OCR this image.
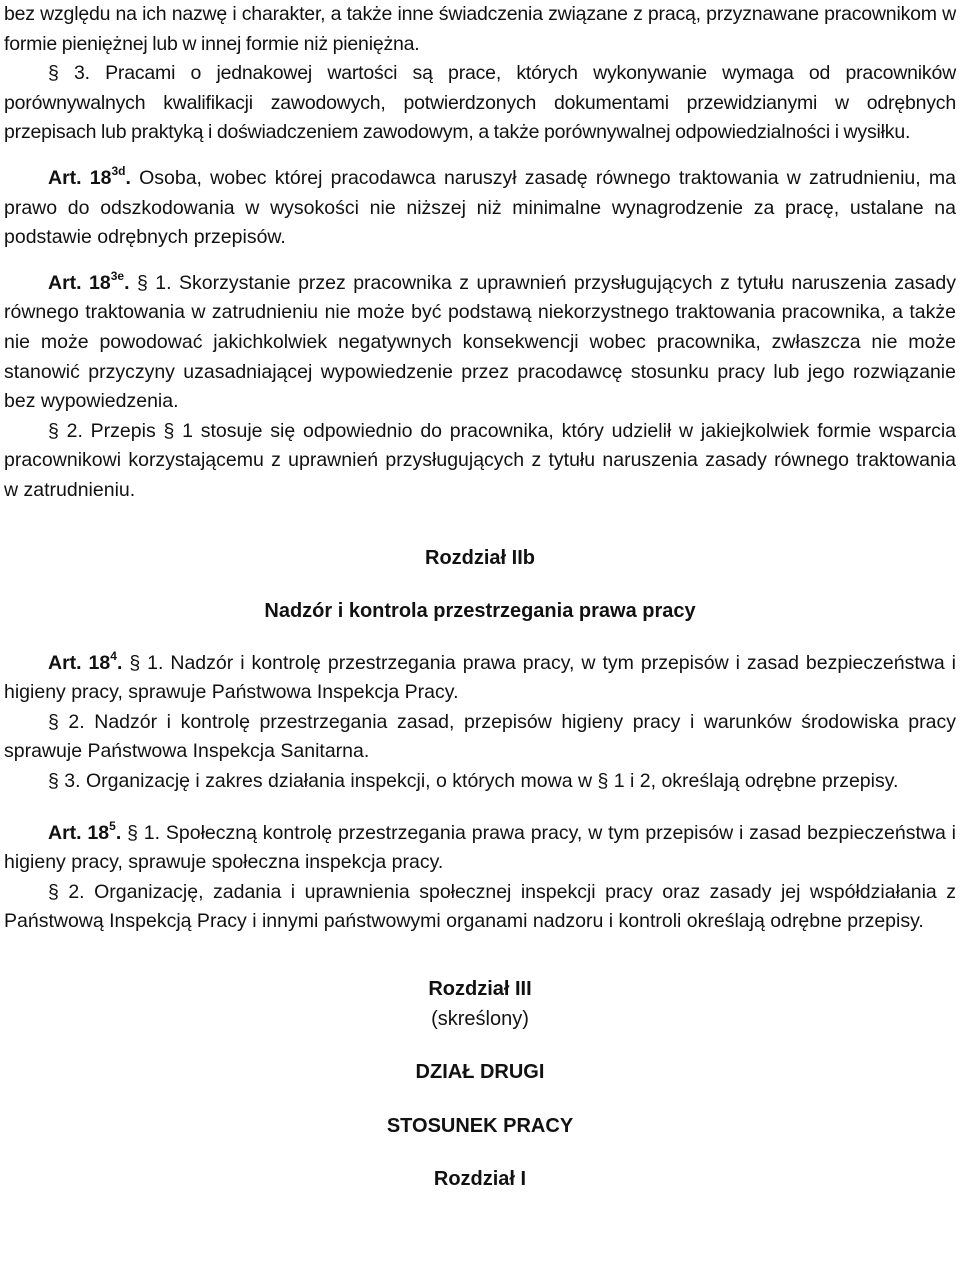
bez względu na ich nazwę i charakter, a także inne świadczenia związane z pracą, przyznawane pracownikom w formie pieniężnej lub w innej formie niż pieniężna.

§ 3. Pracami o jednakowej wartości są prace, których wykonywanie wymaga od pracowników porównywalnych kwalifikacji zawodowych, potwierdzonych dokumentami przewidzianymi w odrębnych przepisach lub praktyką i doświadczeniem zawodowym, a także porównywalnej odpowiedzialności i wysiłku.

Art. $18^{3d}$. Osoba, wobec której pracodawca naruszył zasadę równego traktowania w zatrudnieniu, ma prawo do odszkodowania w wysokości nie niższej niż minimalne wynagrodzenie za pracę, ustalane na podstawie odrębnych przepisów.

Art. $18^{3e}$. § 1. Skorzystanie przez pracownika z uprawnień przysługujących z tytułu naruszenia zasady równego traktowania w zatrudnieniu nie może być podstawą niekorzystnego traktowania pracownika, a także nie może powodować jakichkolwiek negatywnych konsekwencji wobec pracownika, zwłaszcza nie może stanowić przyczyny uzasadniającej wypowiedzenie przez pracodawcę stosunku pracy lub jego rozwiązanie bez wypowiedzenia.

§ 2. Przepis § 1 stosuje się odpowiednio do pracownika, który udzielił w jakiejkolwiek formie wsparcia pracownikowi korzystającemu z uprawnień przysługujących z tytułu naruszenia zasady równego traktowania w zatrudnieniu.

Rozdział IIb

Nadzór i kontrola przestrzegania prawa pracy

Art. $18^4$. § 1. Nadzór i kontrolę przestrzegania prawa pracy, w tym przepisów i zasad bezpieczeństwa i higieny pracy, sprawuje Państwowa Inspekcja Pracy.

§ 2. Nadzór i kontrolę przestrzegania zasad, przepisów higieny pracy i warunków środowiska pracy sprawuje Państwowa Inspekcja Sanitarna.

§ 3. Organizację i zakres działania inspekcji, o których mowa w § 1 i 2, określają odrębne przepisy.

Art. $18^5$. § 1. Społeczną kontrolę przestrzegania prawa pracy, w tym przepisów i zasad bezpieczeństwa i higieny pracy, sprawuje społeczna inspekcja pracy.

§ 2. Organizację, zadania i uprawnienia społecznej inspekcji pracy oraz zasady jej współdziałania z Państwową Inspekcją Pracy i innymi państwowymi organami nadzoru i kontroli określają odrębne przepisy.

Rozdział III

(skreślony)

DZIAŁ DRUGI

STOSUNEK PRACY

Rozdział I
